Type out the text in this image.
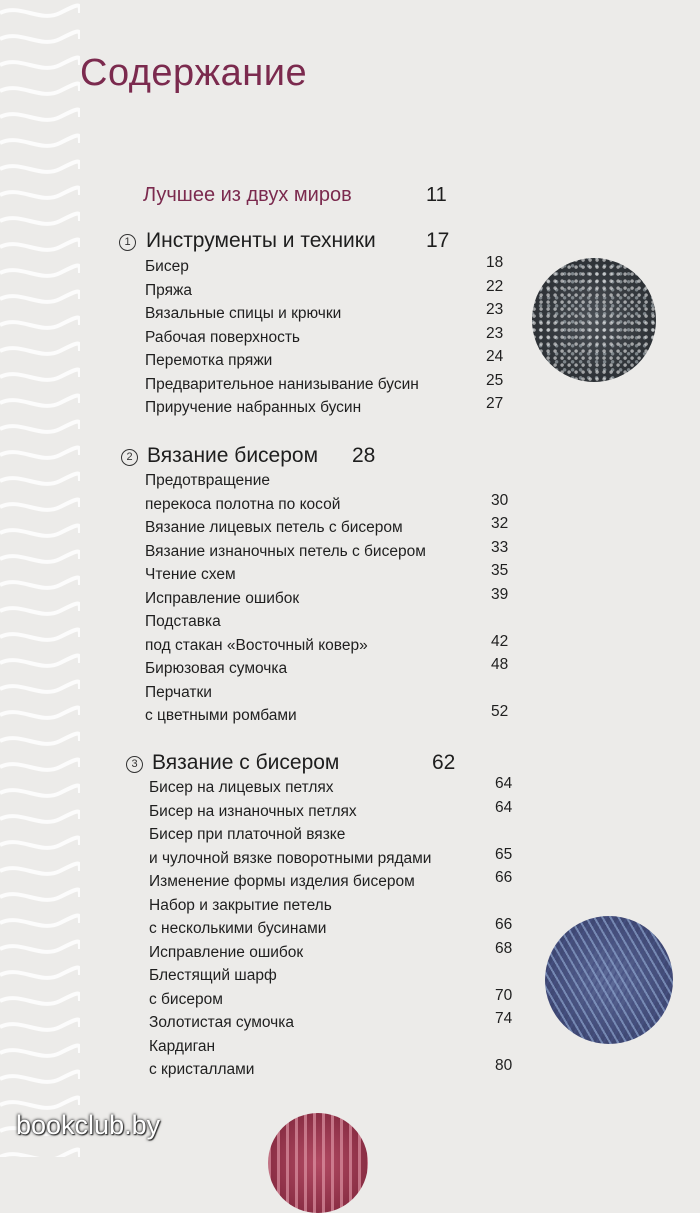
Содержание
Лучшее из двух миров	11
1 Инструменты и техники 17
Бисер	18
Пряжа	22
Вязальные спицы и крючки	23
Рабочая поверхность	23
Перемотка пряжи	24
Предварительное нанизывание бусин	25
Приручение набранных бусин	27
2 Вязание бисером 28
Предотвращение
перекоса полотна по косой	30
Вязание лицевых петель с бисером	32
Вязание изнаночных петель с бисером	33
Чтение схем	35
Исправление ошибок	39
Подставка
под стакан «Восточный ковер»	42
Бирюзовая сумочка	48
Перчатки
с цветными ромбами	52
3 Вязание с бисером	62
Бисер на лицевых петлях	64
Бисер на изнаночных петлях	64
Бисер при платочной вязке
и чулочной вязке поворотными рядами	65
Изменение формы изделия бисером	66
Набор и закрытие петель
с несколькими бусинами	66
Исправление ошибок	68
Блестящий шарф
с бисером	70
Золотистая сумочка	74
Кардиган
с кристаллами	80
bookclub.by
